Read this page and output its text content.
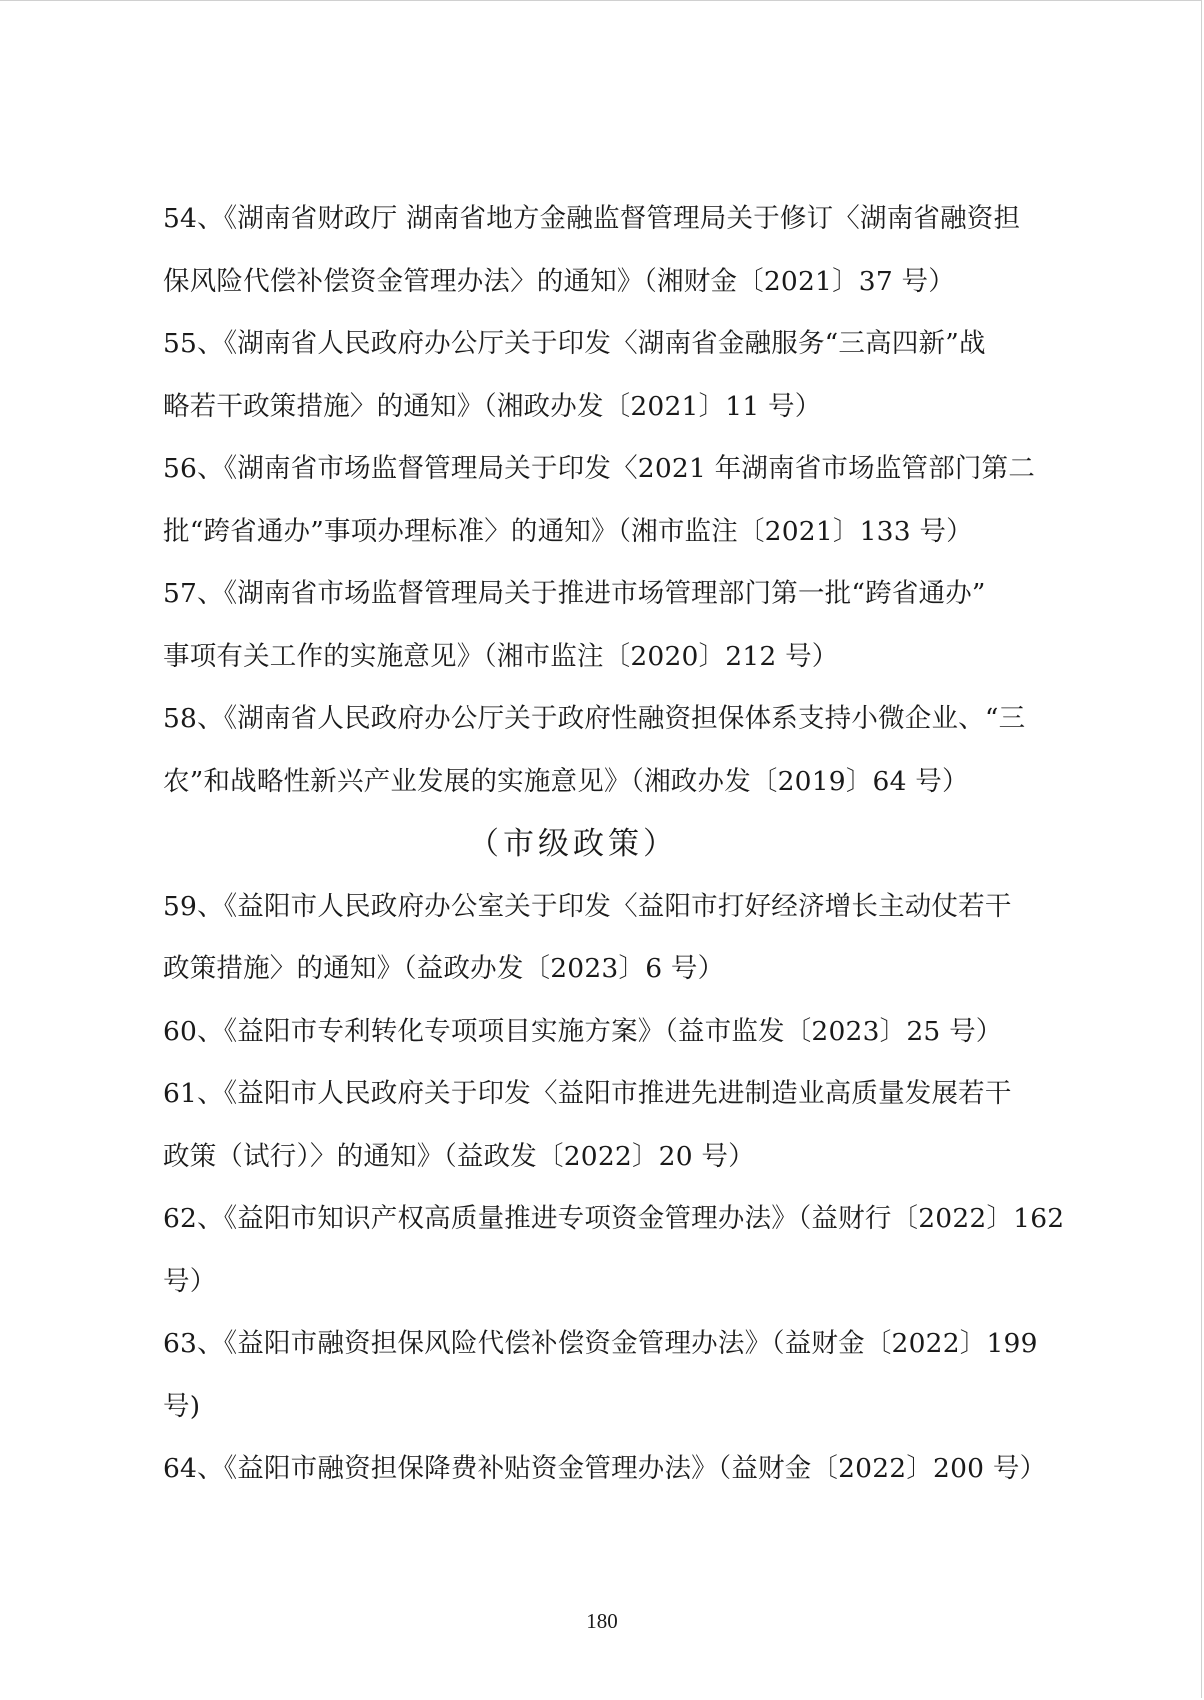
54、《湖南省财政厅 湖南省地方金融监督管理局关于修订〈湖南省融资担
保风险代偿补偿资金管理办法〉的通知》（湘财金〔2021〕37 号）
55、《湖南省人民政府办公厅关于印发〈湖南省金融服务“三高四新”战
略若干政策措施〉的通知》（湘政办发〔2021〕11 号）
56、《湖南省市场监督管理局关于印发〈2021 年湖南省市场监管部门第二
批“跨省通办”事项办理标准〉的通知》（湘市监注〔2021〕133 号）
57、《湖南省市场监督管理局关于推进市场管理部门第一批“跨省通办”
事项有关工作的实施意见》（湘市监注〔2020〕212 号）
58、《湖南省人民政府办公厅关于政府性融资担保体系支持小微企业、“三
农”和战略性新兴产业发展的实施意见》（湘政办发〔2019〕64 号）
（市级政策）
59、《益阳市人民政府办公室关于印发〈益阳市打好经济增长主动仗若干
政策措施〉的通知》（益政办发〔2023〕6 号）
60、《益阳市专利转化专项项目实施方案》（益市监发〔2023〕25 号）
61、《益阳市人民政府关于印发〈益阳市推进先进制造业高质量发展若干
政策（试行）〉的通知》（益政发〔2022〕20 号）
62、《益阳市知识产权高质量推进专项资金管理办法》（益财行〔2022〕162
号）
63、《益阳市融资担保风险代偿补偿资金管理办法》（益财金〔2022〕199
号)
64、《益阳市融资担保降费补贴资金管理办法》（益财金〔2022〕200 号）
180
